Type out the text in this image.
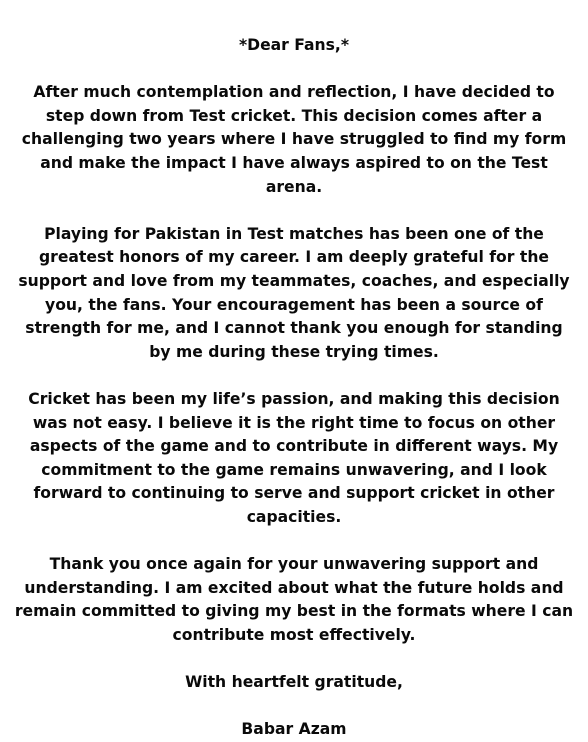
*Dear Fans,*

After much contemplation and reflection, I have decided to step down from Test cricket. This decision comes after a challenging two years where I have struggled to find my form and make the impact I have always aspired to on the Test arena.

Playing for Pakistan in Test matches has been one of the greatest honors of my career. I am deeply grateful for the support and love from my teammates, coaches, and especially you, the fans. Your encouragement has been a source of strength for me, and I cannot thank you enough for standing by me during these trying times.

Cricket has been my life’s passion, and making this decision was not easy. I believe it is the right time to focus on other aspects of the game and to contribute in different ways. My commitment to the game remains unwavering, and I look forward to continuing to serve and support cricket in other capacities.

Thank you once again for your unwavering support and understanding. I am excited about what the future holds and remain committed to giving my best in the formats where I can contribute most effectively.

With heartfelt gratitude,

Babar Azam
